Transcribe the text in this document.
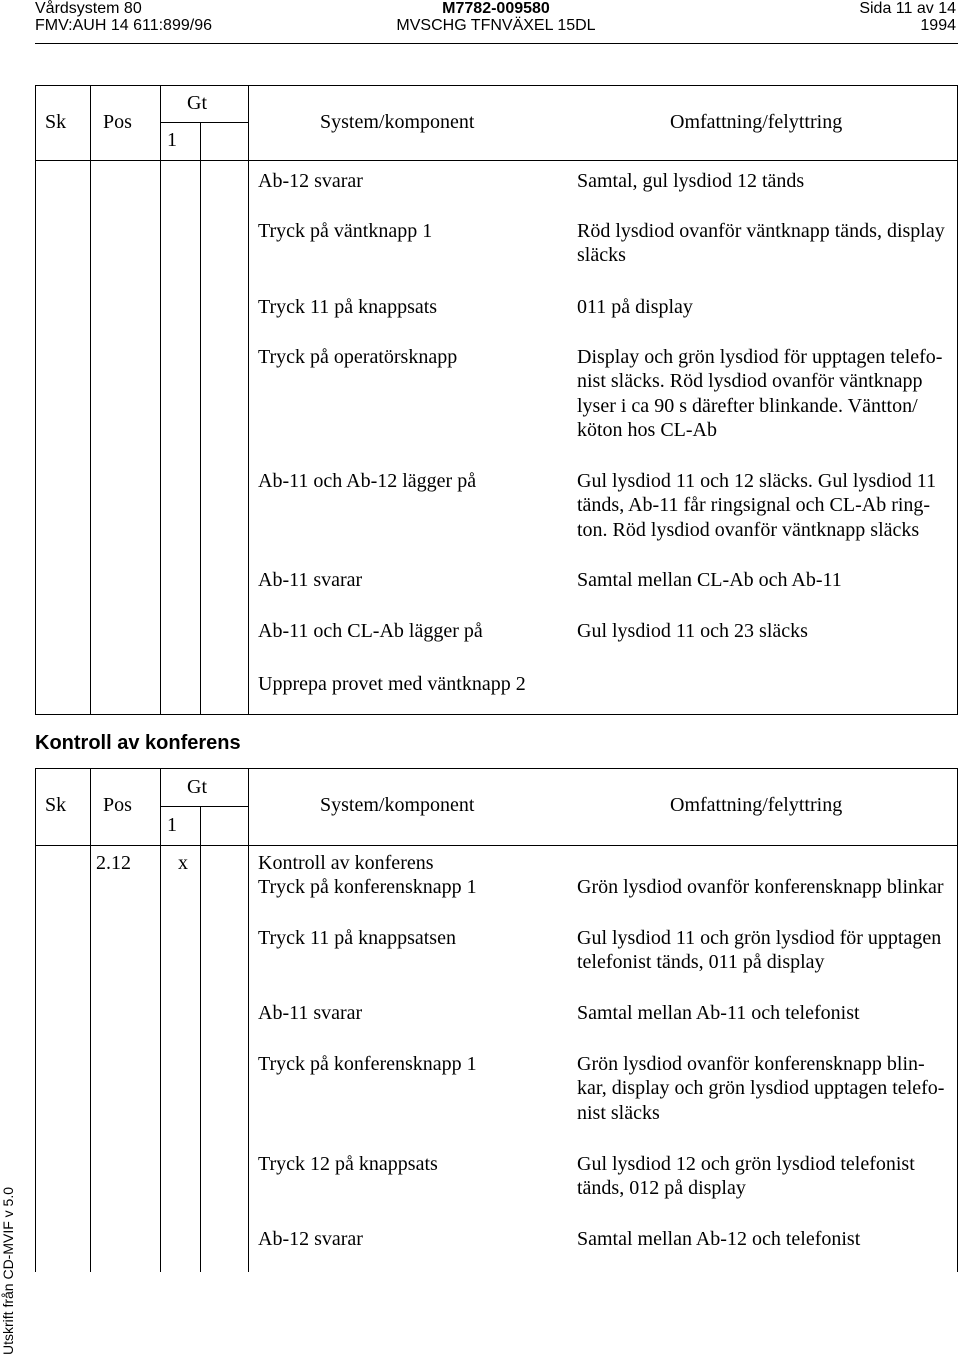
Vårdsystem 80	M7782-009580	Sida 11 av 14
FMV:AUH 14 611:899/96	MVSCHG TFNVÄXEL 15DL	1994
Sk Pos
Gt
1
System/komponent	Omfattning/felyttring
Ab-12 svarar	Samtal, gul lysdiod 12 tänds
Tryck på väntknapp 1	Röd lysdiod ovanför väntknapp tänds, display
släcks
Tryck 11 på knappsats	011 på display
Tryck på operatörsknapp	Display och grön lysdiod för upptagen telefo-
nist släcks. Röd lysdiod ovanför väntknapp
lyser i ca 90 s därefter blinkande. Väntton/
köton hos CL-Ab
Ab-11 och Ab-12 lägger på	Gul lysdiod 11 och 12 släcks. Gul lysdiod 11
tänds, Ab-11 får ringsignal och CL-Ab ring-
ton. Röd lysdiod ovanför väntknapp släcks
Ab-11 svarar	Samtal mellan CL-Ab och Ab-11
Ab-11 och CL-Ab lägger på	Gul lysdiod 11 och 23 släcks
Upprepa provet med väntknapp 2
Kontroll av konferens
Sk Pos
Gt
1
System/komponent	Omfattning/felyttring
2.12 x	Kontroll av konferens
Tryck på konferensknapp 1	Grön lysdiod ovanför konferensknapp blinkar
Tryck 11 på knappsatsen	Gul lysdiod 11 och grön lysdiod för upptagen
telefonist tänds, 011 på display
Ab-11 svarar	Samtal mellan Ab-11 och telefonist
Tryck på konferensknapp 1	Grön lysdiod ovanför konferensknapp blin-
kar, display och grön lysdiod upptagen telefo-
nist släcks
Tryck 12 på knappsats	Gul lysdiod 12 och grön lysdiod telefonist
tänds, 012 på display
Ab-12 svarar	Samtal mellan Ab-12 och telefonist
Utskrift från CD-MVIF v 5.0
